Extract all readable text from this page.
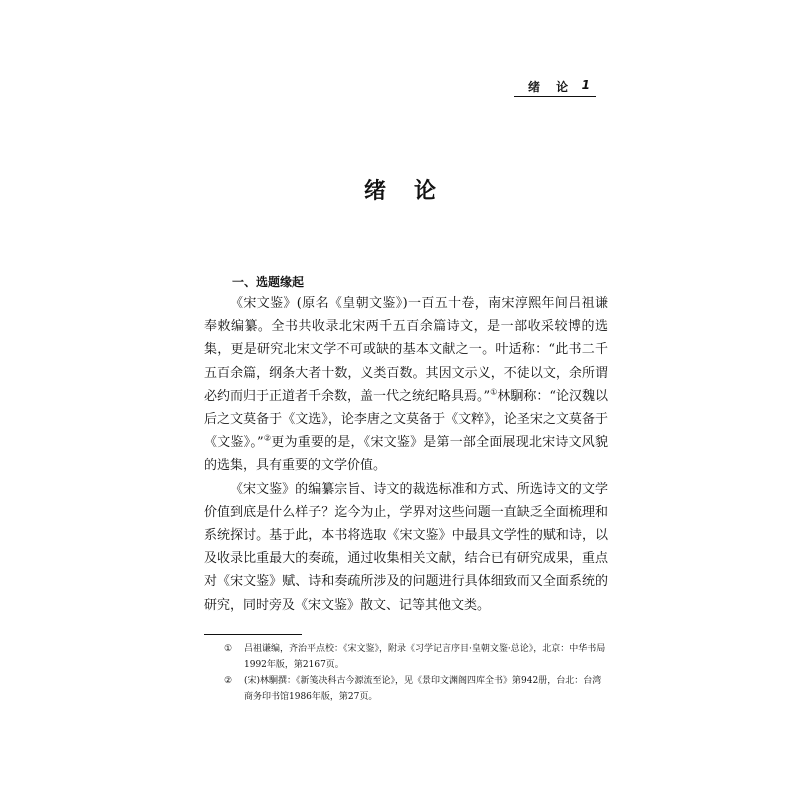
绪 论 1
绪论
一、选题缘起

《宋文鉴》(原名《皇朝文鉴》)一百五十卷，南宋淳熙年间吕祖谦奉敕编纂。全书共收录北宋两千五百余篇诗文，是一部收采较博的选集，更是研究北宋文学不可或缺的基本文献之一。叶适称：“此书二千五百余篇，纲条大者十数，义类百数。其因文示义，不徒以文，余所谓必约而归于正道者千余数，盖一代之统纪略具焉。”①林駉称：“论汉魏以后之文莫备于《文选》，论李唐之文莫备于《文粹》，论圣宋之文莫备于《文鉴》。”②更为重要的是，《宋文鉴》是第一部全面展现北宋诗文风貌的选集，具有重要的文学价值。

《宋文鉴》的编纂宗旨、诗文的裁选标准和方式、所选诗文的文学价值到底是什么样子？迄今为止，学界对这些问题一直缺乏全面梳理和系统探讨。基于此，本书将选取《宋文鉴》中最具文学性的赋和诗，以及收录比重最大的奏疏，通过收集相关文献，结合已有研究成果，重点对《宋文鉴》赋、诗和奏疏所涉及的问题进行具体细致而又全面系统的研究，同时旁及《宋文鉴》散文、记等其他文类。

① 吕祖谦编，齐治平点校：《宋文鉴》，附录《习学记言序目·皇朝文鉴·总论》，北京：中华书局1992年版，第2167页。
② (宋)林駉撰：《新笺决科古今源流至论》，见《景印文渊阁四库全书》第942册，台北：台湾商务印书馆1986年版，第27页。
